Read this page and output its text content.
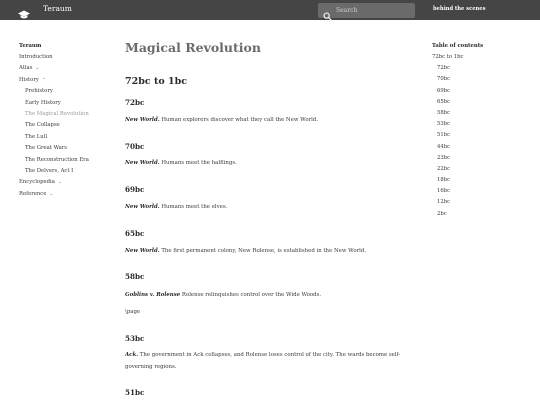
Teraum
Search	behind the scenes
Teraum
Introduction
Atlas ⌄
History ⌃
Prehistory
Early History
The Magical Revolution
The Collapse
The Lull
The Great Wars
The Reconstruction Era
The Delvers, Act I
Encyclopedia ⌄
Reference ⌄
Magical Revolution
72bc to 1bc
72bc

New World. Human explorers discover what they call the New World.

70bc

New World. Humans meet the halflings.

69bc

New World. Humans meet the elves.

65bc

New World. The first permanent colony, New Rolense, is established in the New World.

58bc

Goblins v. Rolense Rolense relinquishes control over the Wide Woods.

\page

53bc

Ack. The government in Ack collapses, and Rolense loses control of the city. The wards become self-governing regions.

51bc
Table of contents
72bc to 1bc
72bc
70bc
69bc
65bc
58bc
53bc
51bc
44bc
23bc
22bc
18bc
16bc
12bc
2bc
